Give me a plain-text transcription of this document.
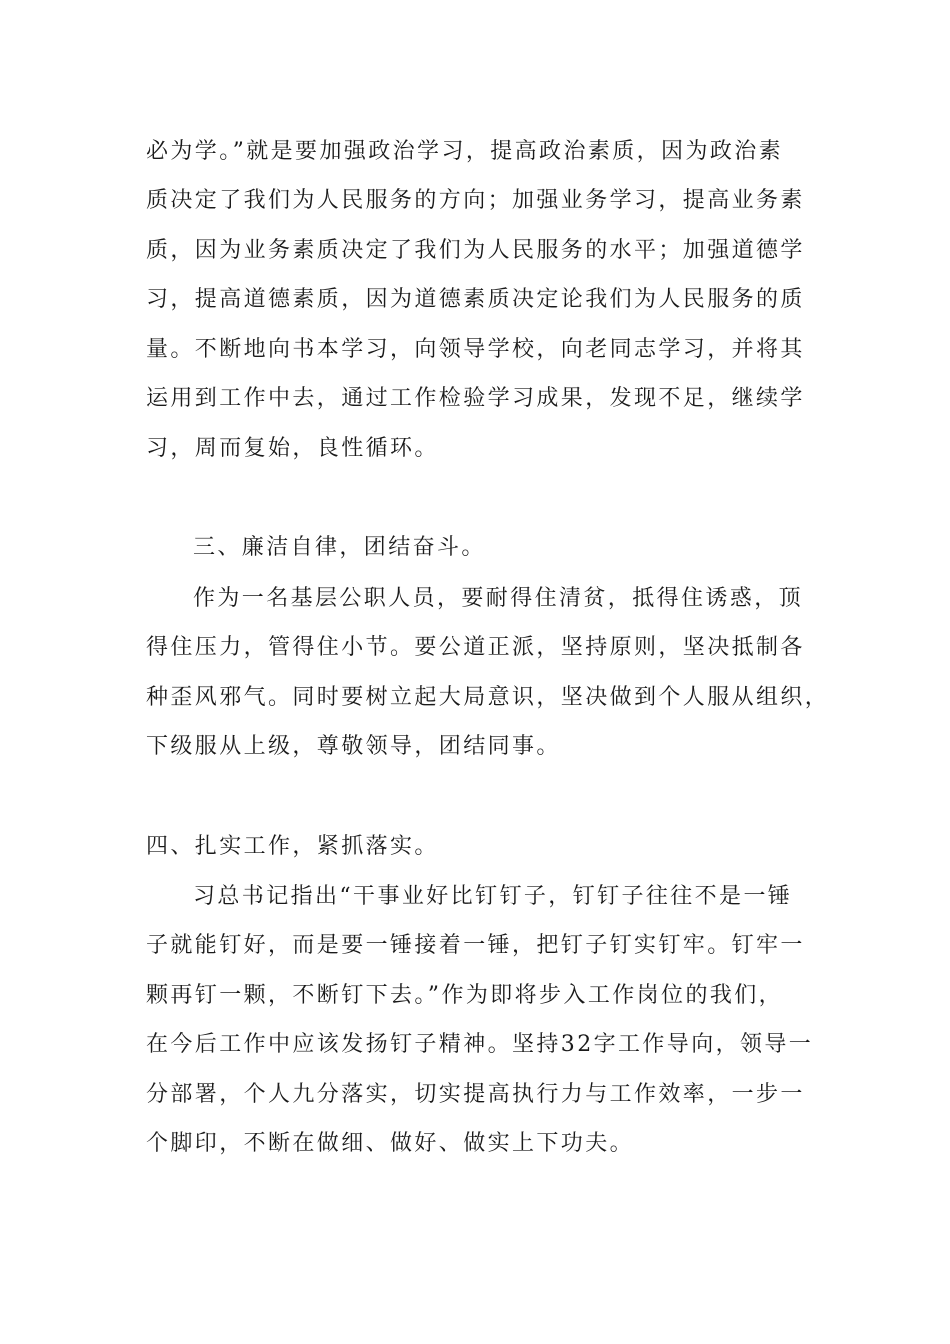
必为学。”就是要加强政治学习，提高政治素质，因为政治素
质决定了我们为人民服务的方向；加强业务学习，提高业务素
质，因为业务素质决定了我们为人民服务的水平；加强道德学
习，提高道德素质，因为道德素质决定论我们为人民服务的质
量。不断地向书本学习，向领导学校，向老同志学习，并将其
运用到工作中去，通过工作检验学习成果，发现不足，继续学
习，周而复始，良性循环。
三、廉洁自律，团结奋斗。
作为一名基层公职人员，要耐得住清贫，抵得住诱惑，顶
得住压力，管得住小节。要公道正派，坚持原则，坚决抵制各
种歪风邪气。同时要树立起大局意识，坚决做到个人服从组织，
下级服从上级，尊敬领导，团结同事。
四、扎实工作，紧抓落实。
习总书记指出“干事业好比钉钉子，钉钉子往往不是一锤
子就能钉好，而是要一锤接着一锤，把钉子钉实钉牢。钉牢一
颗再钉一颗，不断钉下去。”作为即将步入工作岗位的我们，
在今后工作中应该发扬钉子精神。坚持32字工作导向，领导一
分部署，个人九分落实，切实提高执行力与工作效率，一步一
个脚印，不断在做细、做好、做实上下功夫。
